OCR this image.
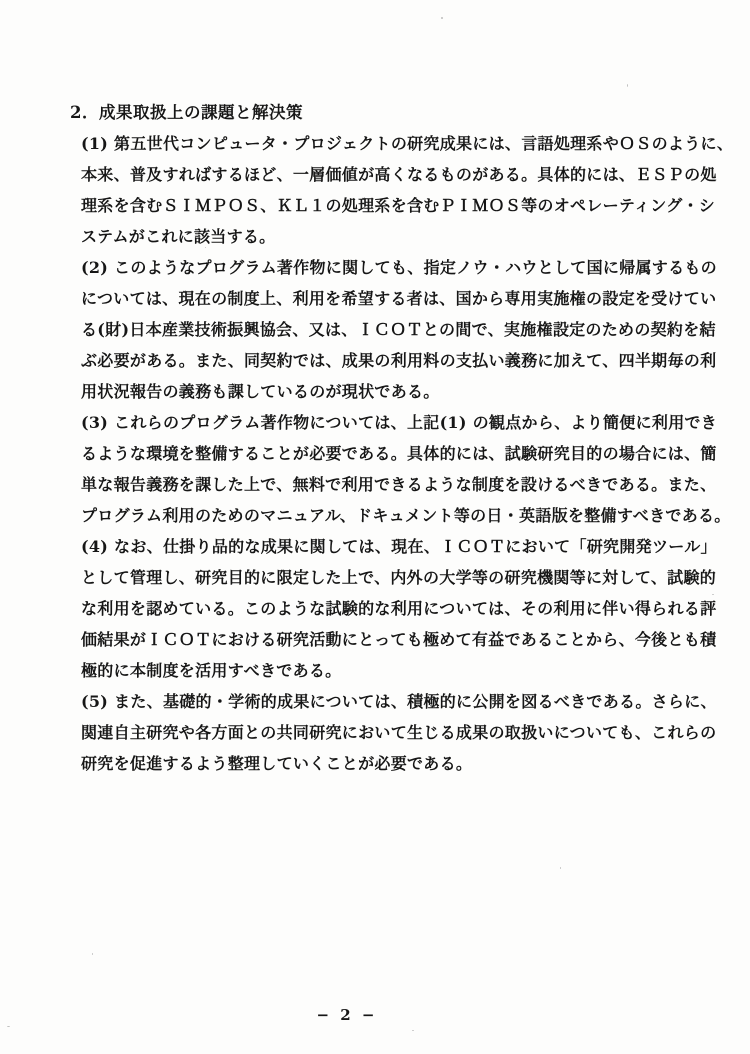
2．成果取扱上の課題と解決策

(1) 第五世代コンピュータ・プロジェクトの研究成果には、言語処理系やＯＳのように、

本来、普及すればするほど、一層価値が高くなるものがある。具体的には、ＥＳＰの処

理系を含むＳＩＭＰＯＳ、ＫＬ１の処理系を含むＰＩＭＯＳ等のオペレーティング・シ

ステムがこれに該当する。

(2) このようなプログラム著作物に関しても、指定ノウ・ハウとして国に帰属するもの

については、現在の制度上、利用を希望する者は、国から専用実施権の設定を受けてい

る(財)日本産業技術振興協会、又は、ＩＣＯＴとの間で、実施権設定のための契約を結

ぶ必要がある。また、同契約では、成果の利用料の支払い義務に加えて、四半期毎の利

用状況報告の義務も課しているのが現状である。

(3) これらのプログラム著作物については、上記(1) の観点から、より簡便に利用でき

るような環境を整備することが必要である。具体的には、試験研究目的の場合には、簡

単な報告義務を課した上で、無料で利用できるような制度を設けるべきである。また、

プログラム利用のためのマニュアル、ドキュメント等の日・英語版を整備すべきである。

(4) なお、仕掛り品的な成果に関しては、現在、ＩＣＯＴにおいて「研究開発ツール」

として管理し、研究目的に限定した上で、内外の大学等の研究機関等に対して、試験的

な利用を認めている。このような試験的な利用については、その利用に伴い得られる評

価結果がＩＣＯＴにおける研究活動にとっても極めて有益であることから、今後とも積

極的に本制度を活用すべきである。

(5) また、基礎的・学術的成果については、積極的に公開を図るべきである。さらに、

関連自主研究や各方面との共同研究において生じる成果の取扱いについても、これらの

研究を促進するよう整理していくことが必要である。

− 2 −
